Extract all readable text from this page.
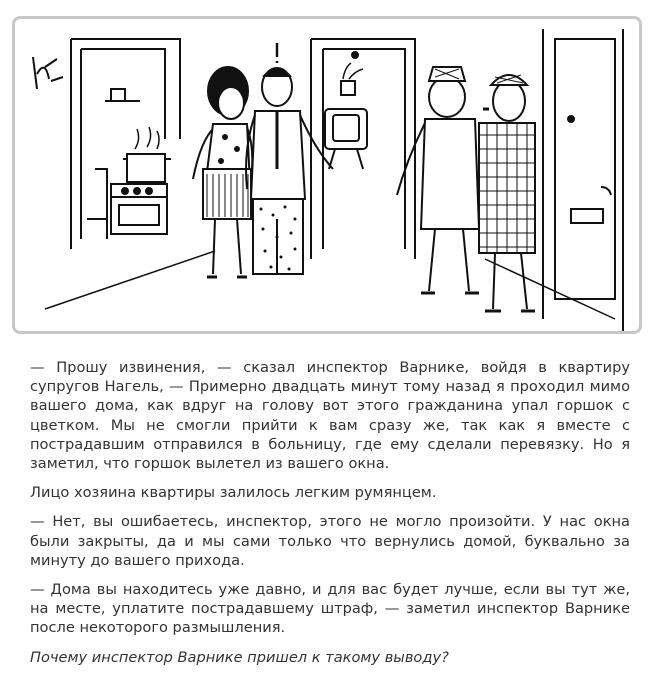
— Прошу извинения, — сказал инспектор Варнике, войдя в квартиру супругов Нагель, — Примерно двадцать минут тому назад я проходил мимо вашего дома, как вдруг на голову вот этого гражданина упал горшок с цветком. Мы не смогли прийти к вам сразу же, так как я вместе с пострадавшим отправился в больницу, где ему сделали перевязку. Но я заметил, что горшок вылетел из вашего окна.

Лицо хозяина квартиры залилось легким румянцем.

— Нет, вы ошибаетесь, инспектор, этого не могло произойти. У нас окна были закрыты, да и мы сами только что вернулись домой, буквально за минуту до вашего прихода.

— Дома вы находитесь уже давно, и для вас будет лучше, если вы тут же, на месте, уплатите пострадавшему штраф, — заметил инспектор Варнике после некоторого размышления.

Почему инспектор Варнике пришел к такому выводу?
